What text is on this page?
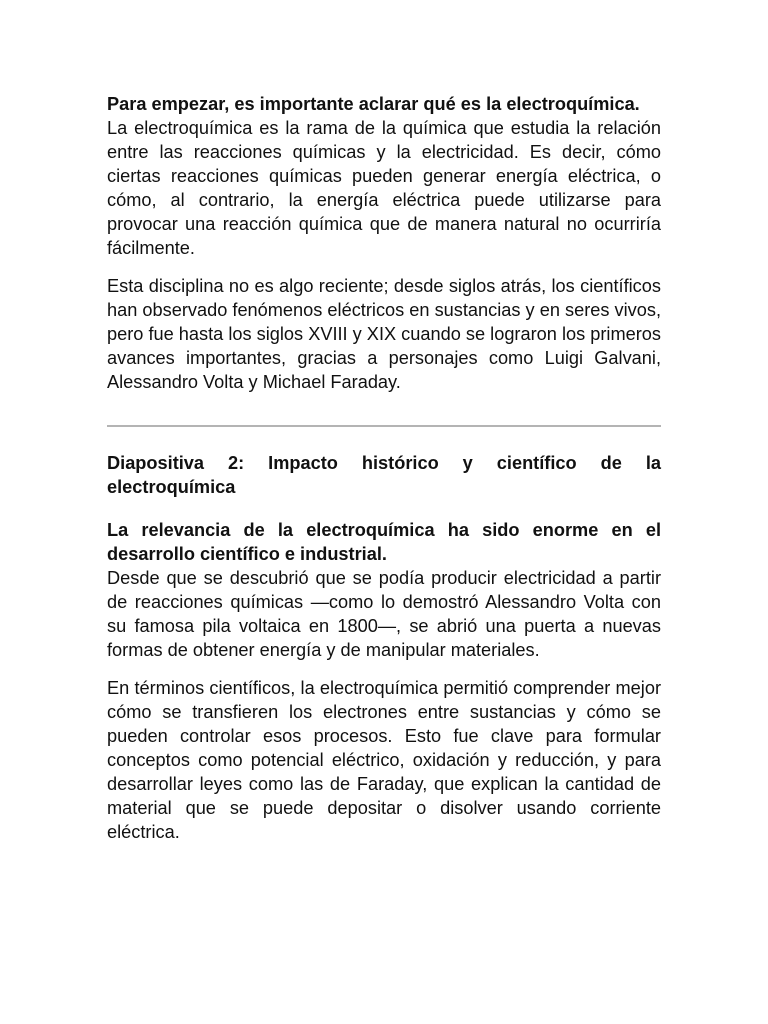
Para empezar, es importante aclarar qué es la electroquímica.

La electroquímica es la rama de la química que estudia la relación entre las reacciones químicas y la electricidad. Es decir, cómo ciertas reacciones químicas pueden generar energía eléctrica, o cómo, al contrario, la energía eléctrica puede utilizarse para provocar una reacción química que de manera natural no ocurriría fácilmente.

Esta disciplina no es algo reciente; desde siglos atrás, los científicos han observado fenómenos eléctricos en sustancias y en seres vivos, pero fue hasta los siglos XVIII y XIX cuando se lograron los primeros avances importantes, gracias a personajes como Luigi Galvani, Alessandro Volta y Michael Faraday.

Diapositiva 2: Impacto histórico y científico de la electroquímica

La relevancia de la electroquímica ha sido enorme en el desarrollo científico e industrial.

Desde que se descubrió que se podía producir electricidad a partir de reacciones químicas —como lo demostró Alessandro Volta con su famosa pila voltaica en 1800—, se abrió una puerta a nuevas formas de obtener energía y de manipular materiales.

En términos científicos, la electroquímica permitió comprender mejor cómo se transfieren los electrones entre sustancias y cómo se pueden controlar esos procesos. Esto fue clave para formular conceptos como potencial eléctrico, oxidación y reducción, y para desarrollar leyes como las de Faraday, que explican la cantidad de material que se puede depositar o disolver usando corriente eléctrica.
